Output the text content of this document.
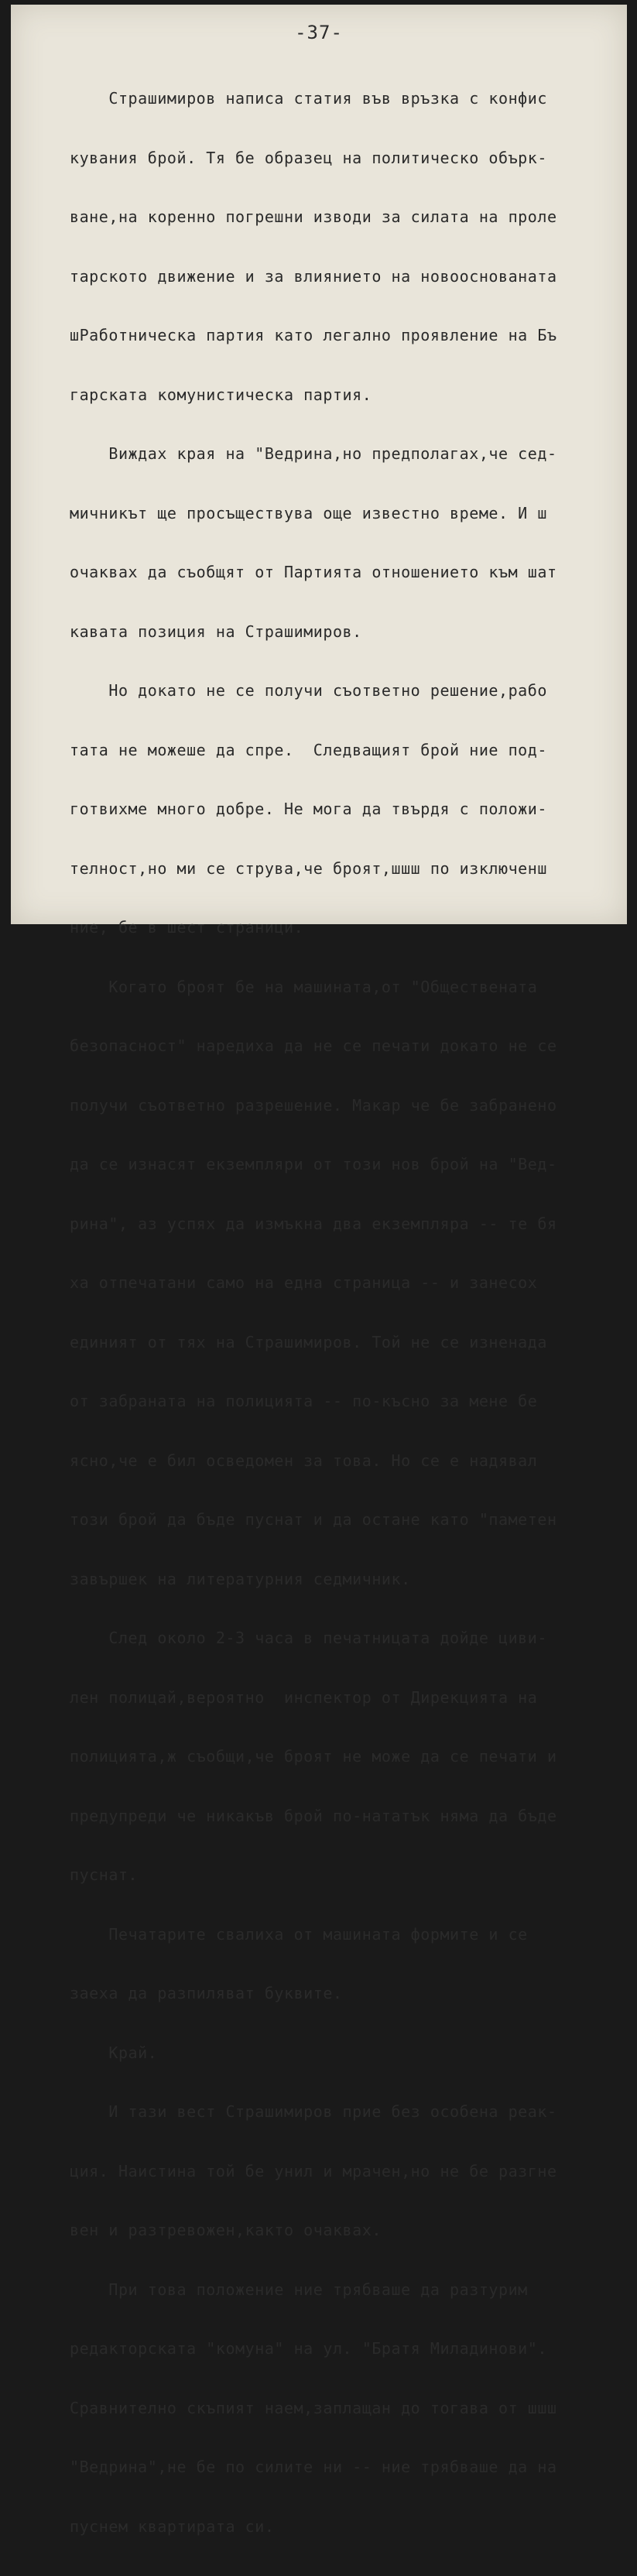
-37-

Страшимиров написа статия във връзка с конфис

кувания брой. Тя бе образец на политическо обърк-

ване,на коренно погрешни изводи за силата на проле

тарското движение и за влиянието на новооснованата

шРаботническа партия като легално проявление на Бъ

гарската комунистическа партия.

Виждах края на "Ведрина,но предполагах,че сед-

мичникът ще просъществува още известно време. И ш

очаквах да съобщят от Партията отношението към шат

кавата позиция на Страшимиров.

Но докато не се получи съответно решение,рабо

тата не можеше да спре.  Следващият брой ние под-

готвихме много добре. Не мога да твърдя с положи-

телност,но ми се струва,че броят,шшш по изключенш

ние, бе в шест страници.

Когато броят бе на машината,от "Обществената

безопасност" наредиха да не се печати докато не се

получи съответно разрешение. Макар че бе забранено

да се изнасят екземпляри от този нов брой на "Вед-

рина", аз успях да измъкна два екземпляра -- те бя

ха отпечатани само на една страница -- и занесох

единият от тях на Страшимиров. Той не се изненада

от забраната на полицията -- по-късно за мене бе

ясно,че е бил осведомен за това. Но се е надявал

този брой да бъде пуснат и да остане като "паметен

завършек на литературния седмичник.

След около 2-3 часа в печатницата дойде циви-

лен полицай,вероятно  инспектор от Дирекцията на

полицията,ж съобщи,че броят не може да се печати и

предупреди че никакъв брой по-нататък няма да бъде

пуснат.

Печатарите свалиха от машината формите и се

заеха да разпиляват буквите.

Край.

И тази вест Страшимиров прие без особена реак-

ция. Наистина той бе унил и мрачен,но не бе разгне

вен и разтревожен,както очаквах.

При това положение ние трябваше да разтурим

редакторската "комуна" на ул. "Братя Миладинови".

Сравнително скъпият наем,заплащан до тогава от шшш

"Ведрина",не бе по силите ни -- ние трябваше да на

пуснем квартирата си.
